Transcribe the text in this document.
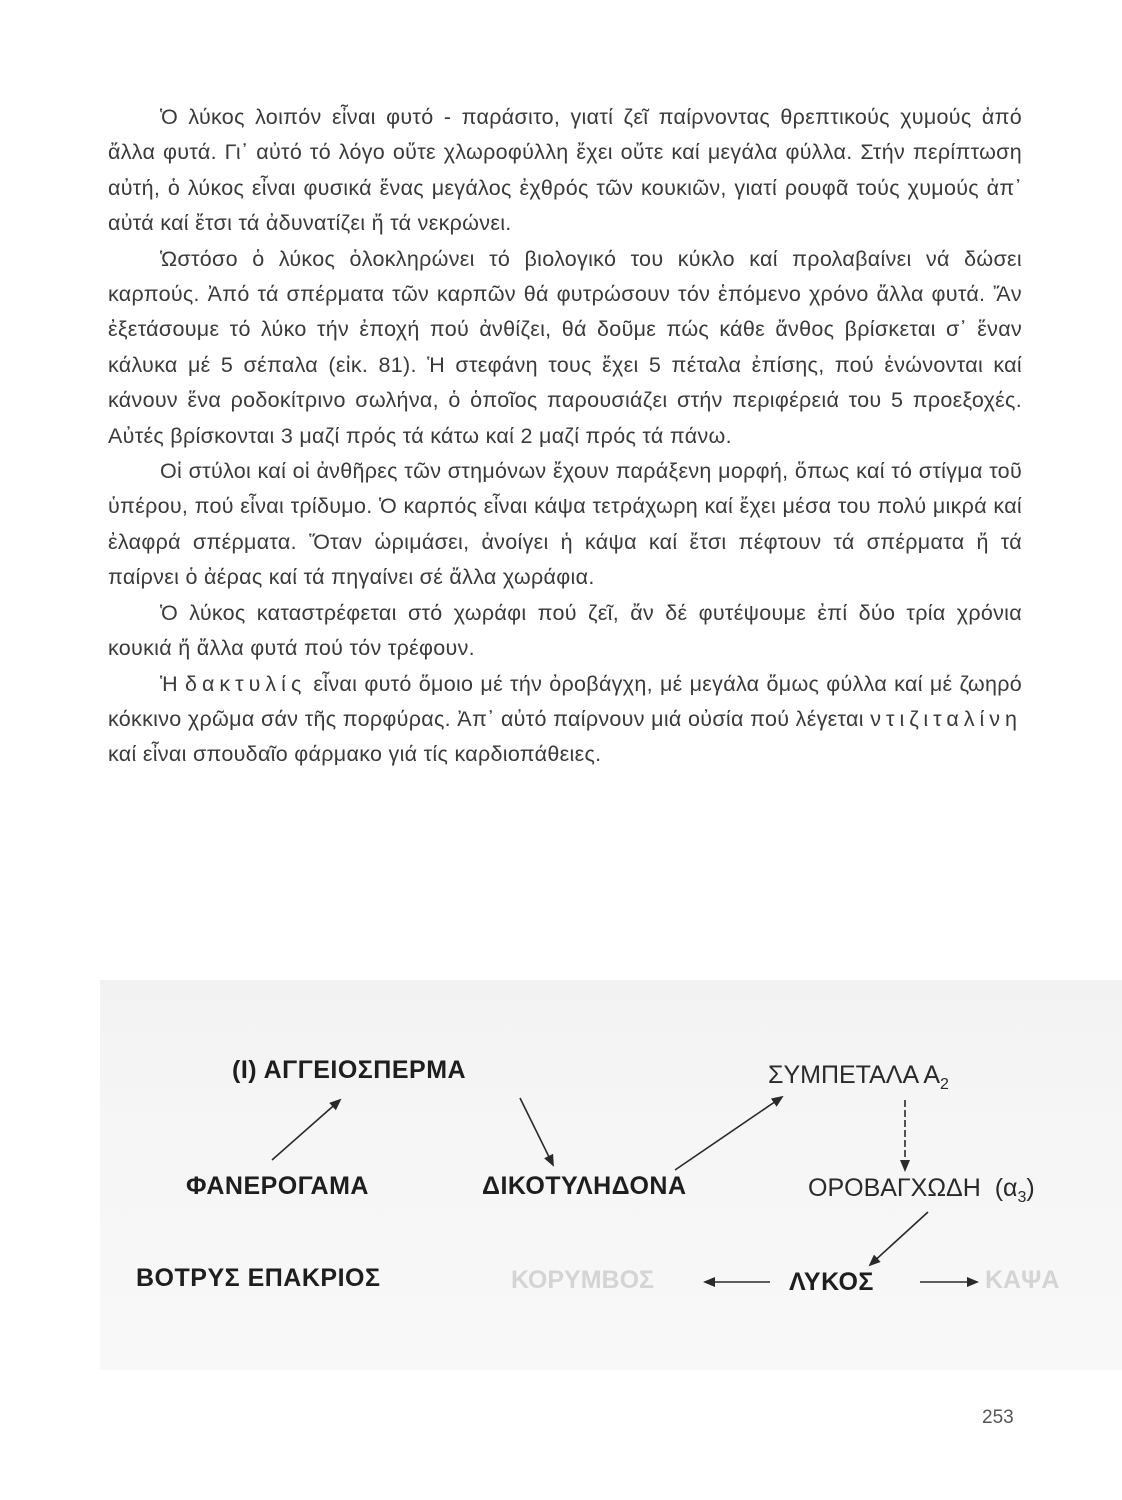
Ὁ λύκος λοιπόν εἶναι φυτό - παράσιτο, γιατί ζεῖ παίρνοντας θρεπτικούς χυμούς ἀπό ἄλλα φυτά. Γι᾽ αὐτό τό λόγο οὔτε χλωροφύλλη ἔχει οὔτε καί μεγάλα φύλλα. Στήν περίπτωση αὐτή, ὁ λύκος εἶναι φυσικά ἕνας μεγάλος ἐχθρός τῶν κουκιῶν, γιατί ρουφᾶ τούς χυμούς ἀπ᾽ αὐτά καί ἔτσι τά ἀδυνατίζει ἤ τά νεκρώνει.

Ὡστόσο ὁ λύκος ὁλοκληρώνει τό βιολογικό του κύκλο καί προλαβαίνει νά δώσει καρπούς. Ἀπό τά σπέρματα τῶν καρπῶν θά φυτρώσουν τόν ἑπόμενο χρόνο ἄλλα φυτά. Ἄν ἐξετάσουμε τό λύκο τήν ἐποχή πού ἀνθίζει, θά δοῦμε πώς κάθε ἄνθος βρίσκεται σ᾽ ἕναν κάλυκα μέ 5 σέπαλα (εἰκ. 81). Ἡ στεφάνη τους ἔχει 5 πέταλα ἐπίσης, πού ἑνώνονται καί κάνουν ἕνα ροδοκίτρινο σωλήνα, ὁ ὁποῖος παρουσιάζει στήν περιφέρειά του 5 προεξοχές. Αὐτές βρίσκονται 3 μαζί πρός τά κάτω καί 2 μαζί πρός τά πάνω.

Οἱ στύλοι καί οἱ ἀνθῆρες τῶν στημόνων ἔχουν παράξενη μορφή, ὅπως καί τό στίγμα τοῦ ὑπέρου, πού εἶναι τρίδυμο. Ὁ καρπός εἶναι κάψα τετράχωρη καί ἔχει μέσα του πολύ μικρά καί ἐλαφρά σπέρματα. Ὅταν ὡριμάσει, ἀνοίγει ἡ κάψα καί ἔτσι πέφτουν τά σπέρματα ἤ τά παίρνει ὁ ἀέρας καί τά πηγαίνει σέ ἄλλα χωράφια.

Ὁ λύκος καταστρέφεται στό χωράφι πού ζεῖ, ἄν δέ φυτέψουμε ἐπί δύο τρία χρόνια κουκιά ἤ ἄλλα φυτά πού τόν τρέφουν.

Ἡ δακτυλίς εἶναι φυτό ὅμοιο μέ τήν ὀροβάγχη, μέ μεγάλα ὅμως φύλλα καί μέ ζωηρό κόκκινο χρῶμα σάν τῆς πορφύρας. Ἀπ᾽ αὐτό παίρνουν μιά οὐσία πού λέγεται ντιζιταλίνη καί εἶναι σπουδαῖο φάρμακο γιά τίς καρδιοπάθειες.

(Ι) ΑΓΓΕΙΟΣΠΕΡΜΑ	ΣΥΜΠΕΤΑΛΑ $A_2$
ΦΑΝΕΡΟΓΑΜΑ	ΔΙΚΟΤΥΛΗΔΟΝΑ	ΟΡΟΒΑΓΧΩΔΗ $(\alpha_3)$
ΒΟΤΡΥΣ ΕΠΑΚΡΙΟΣ	ΚΟΡΥΜΒΟΣ	ΛΥΚΟΣ	ΚΑΨΑ
253
